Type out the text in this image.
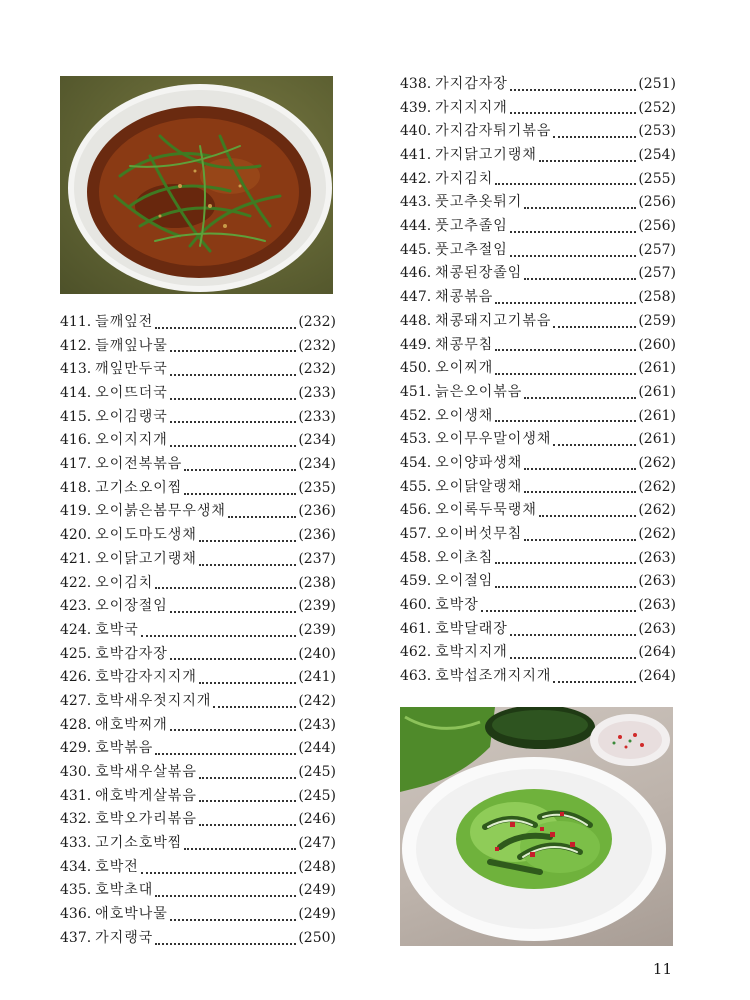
411. 들깨잎전	(232)
412. 들깨잎나물	(232)
413. 깨잎만두국	(232)
414. 오이뜨더국	(233)
415. 오이김랭국	(233)
416. 오이지지개	(234)
417. 오이전복볶음	(234)
418. 고기소오이찜	(235)
419. 오이붉은봄무우생채	(236)
420. 오이도마도생채	(236)
421. 오이닭고기랭채	(237)
422. 오이김치	(238)
423. 오이장절임	(239)
424. 호박국	(239)
425. 호박감자장	(240)
426. 호박감자지지개	(241)
427. 호박새우젓지지개	(242)
428. 애호박찌개	(243)
429. 호박볶음	(244)
430. 호박새우살볶음	(245)
431. 애호박게살볶음	(245)
432. 호박오가리볶음	(246)
433. 고기소호박찜	(247)
434. 호박전	(248)
435. 호박초대	(249)
436. 애호박나물	(249)
437. 가지랭국	(250)
438. 가지감자장	(251)
439. 가지지지개	(252)
440. 가지감자튀기볶음	(253)
441. 가지닭고기랭채	(254)
442. 가지김치	(255)
443. 풋고추옷튀기	(256)
444. 풋고추졸임	(256)
445. 풋고추절임	(257)
446. 채콩된장졸임	(257)
447. 채콩볶음	(258)
448. 채콩돼지고기볶음	(259)
449. 채콩무침	(260)
450. 오이찌개	(261)
451. 늙은오이볶음	(261)
452. 오이생채	(261)
453. 오이무우말이생채	(261)
454. 오이양파생채	(262)
455. 오이닭알랭채	(262)
456. 오이록두묵랭채	(262)
457. 오이버섯무침	(262)
458. 오이초침	(263)
459. 오이절임	(263)
460. 호박장	(263)
461. 호박달래장	(263)
462. 호박지지개	(264)
463. 호박섭조개지지개	(264)
11
